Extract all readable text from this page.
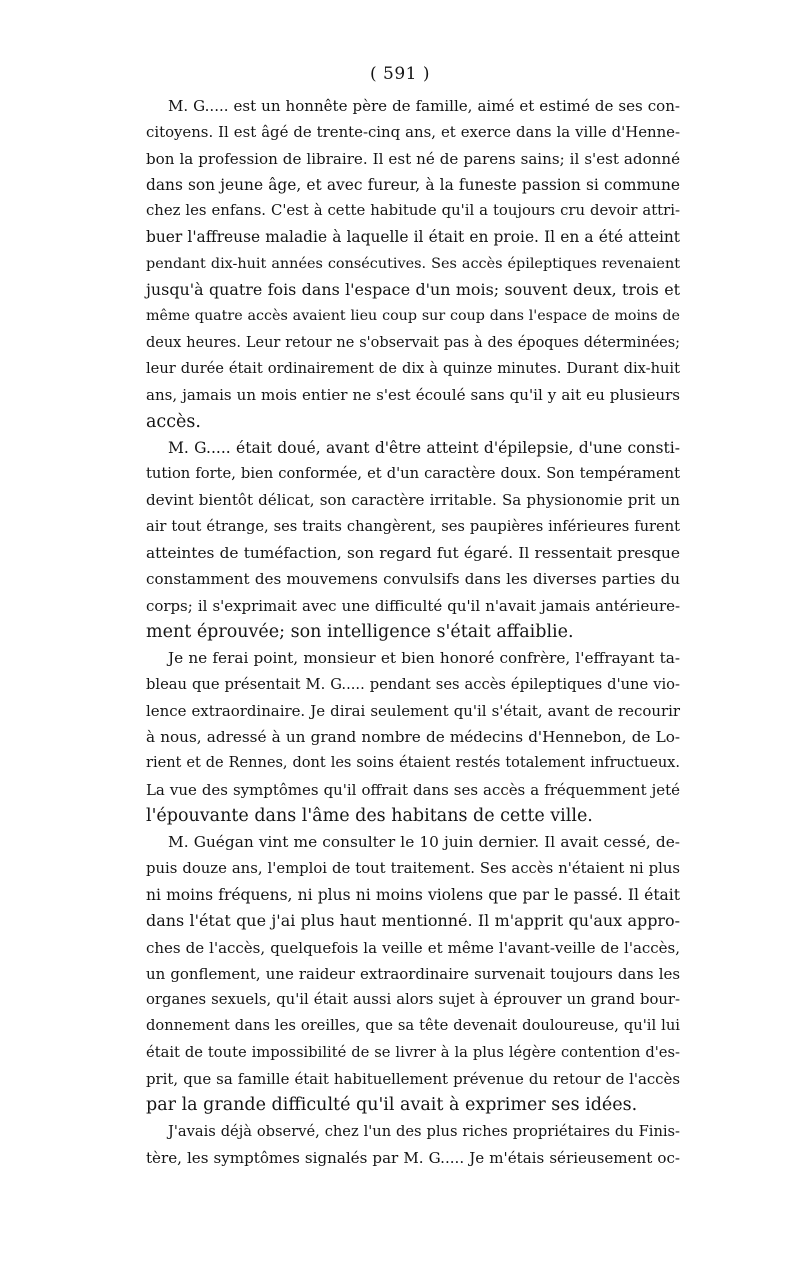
( 591 )
M. G..... est un honnête père de famille, aimé et estimé de ses con-
citoyens. Il est âgé de trente-cinq ans, et exerce dans la ville d'Henne-
bon la profession de libraire. Il est né de parens sains; il s'est adonné
dans son jeune âge, et avec fureur, à la funeste passion si commune
chez les enfans. C'est à cette habitude qu'il a toujours cru devoir attri-
buer l'affreuse maladie à laquelle il était en proie. Il en a été atteint
pendant dix-huit années consécutives. Ses accès épileptiques revenaient
jusqu'à quatre fois dans l'espace d'un mois; souvent deux, trois et
même quatre accès avaient lieu coup sur coup dans l'espace de moins de
deux heures. Leur retour ne s'observait pas à des époques déterminées;
leur durée était ordinairement de dix à quinze minutes. Durant dix-huit
ans, jamais un mois entier ne s'est écoulé sans qu'il y ait eu plusieurs
accès.
M. G..... était doué, avant d'être atteint d'épilepsie, d'une consti-
tution forte, bien conformée, et d'un caractère doux. Son tempérament
devint bientôt délicat, son caractère irritable. Sa physionomie prit un
air tout étrange, ses traits changèrent, ses paupières inférieures furent
atteintes de tuméfaction, son regard fut égaré. Il ressentait presque
constamment des mouvemens convulsifs dans les diverses parties du
corps; il s'exprimait avec une difficulté qu'il n'avait jamais antérieure-
ment éprouvée; son intelligence s'était affaiblie.
Je ne ferai point, monsieur et bien honoré confrère, l'effrayant ta-
bleau que présentait M. G..... pendant ses accès épileptiques d'une vio-
lence extraordinaire. Je dirai seulement qu'il s'était, avant de recourir
à nous, adressé à un grand nombre de médecins d'Hennebon, de Lo-
rient et de Rennes, dont les soins étaient restés totalement infructueux.
La vue des symptômes qu'il offrait dans ses accès a fréquemment jeté
l'épouvante dans l'âme des habitans de cette ville.
M. Guégan vint me consulter le 10 juin dernier. Il avait cessé, de-
puis douze ans, l'emploi de tout traitement. Ses accès n'étaient ni plus
ni moins fréquens, ni plus ni moins violens que par le passé. Il était
dans l'état que j'ai plus haut mentionné. Il m'apprit qu'aux appro-
ches de l'accès, quelquefois la veille et même l'avant-veille de l'accès,
un gonflement, une raideur extraordinaire survenait toujours dans les
organes sexuels, qu'il était aussi alors sujet à éprouver un grand bour-
donnement dans les oreilles, que sa tête devenait douloureuse, qu'il lui
était de toute impossibilité de se livrer à la plus légère contention d'es-
prit, que sa famille était habituellement prévenue du retour de l'accès
par la grande difficulté qu'il avait à exprimer ses idées.
J'avais déjà observé, chez l'un des plus riches propriétaires du Finis-
tère, les symptômes signalés par M. G..... Je m'étais sérieusement oc-
